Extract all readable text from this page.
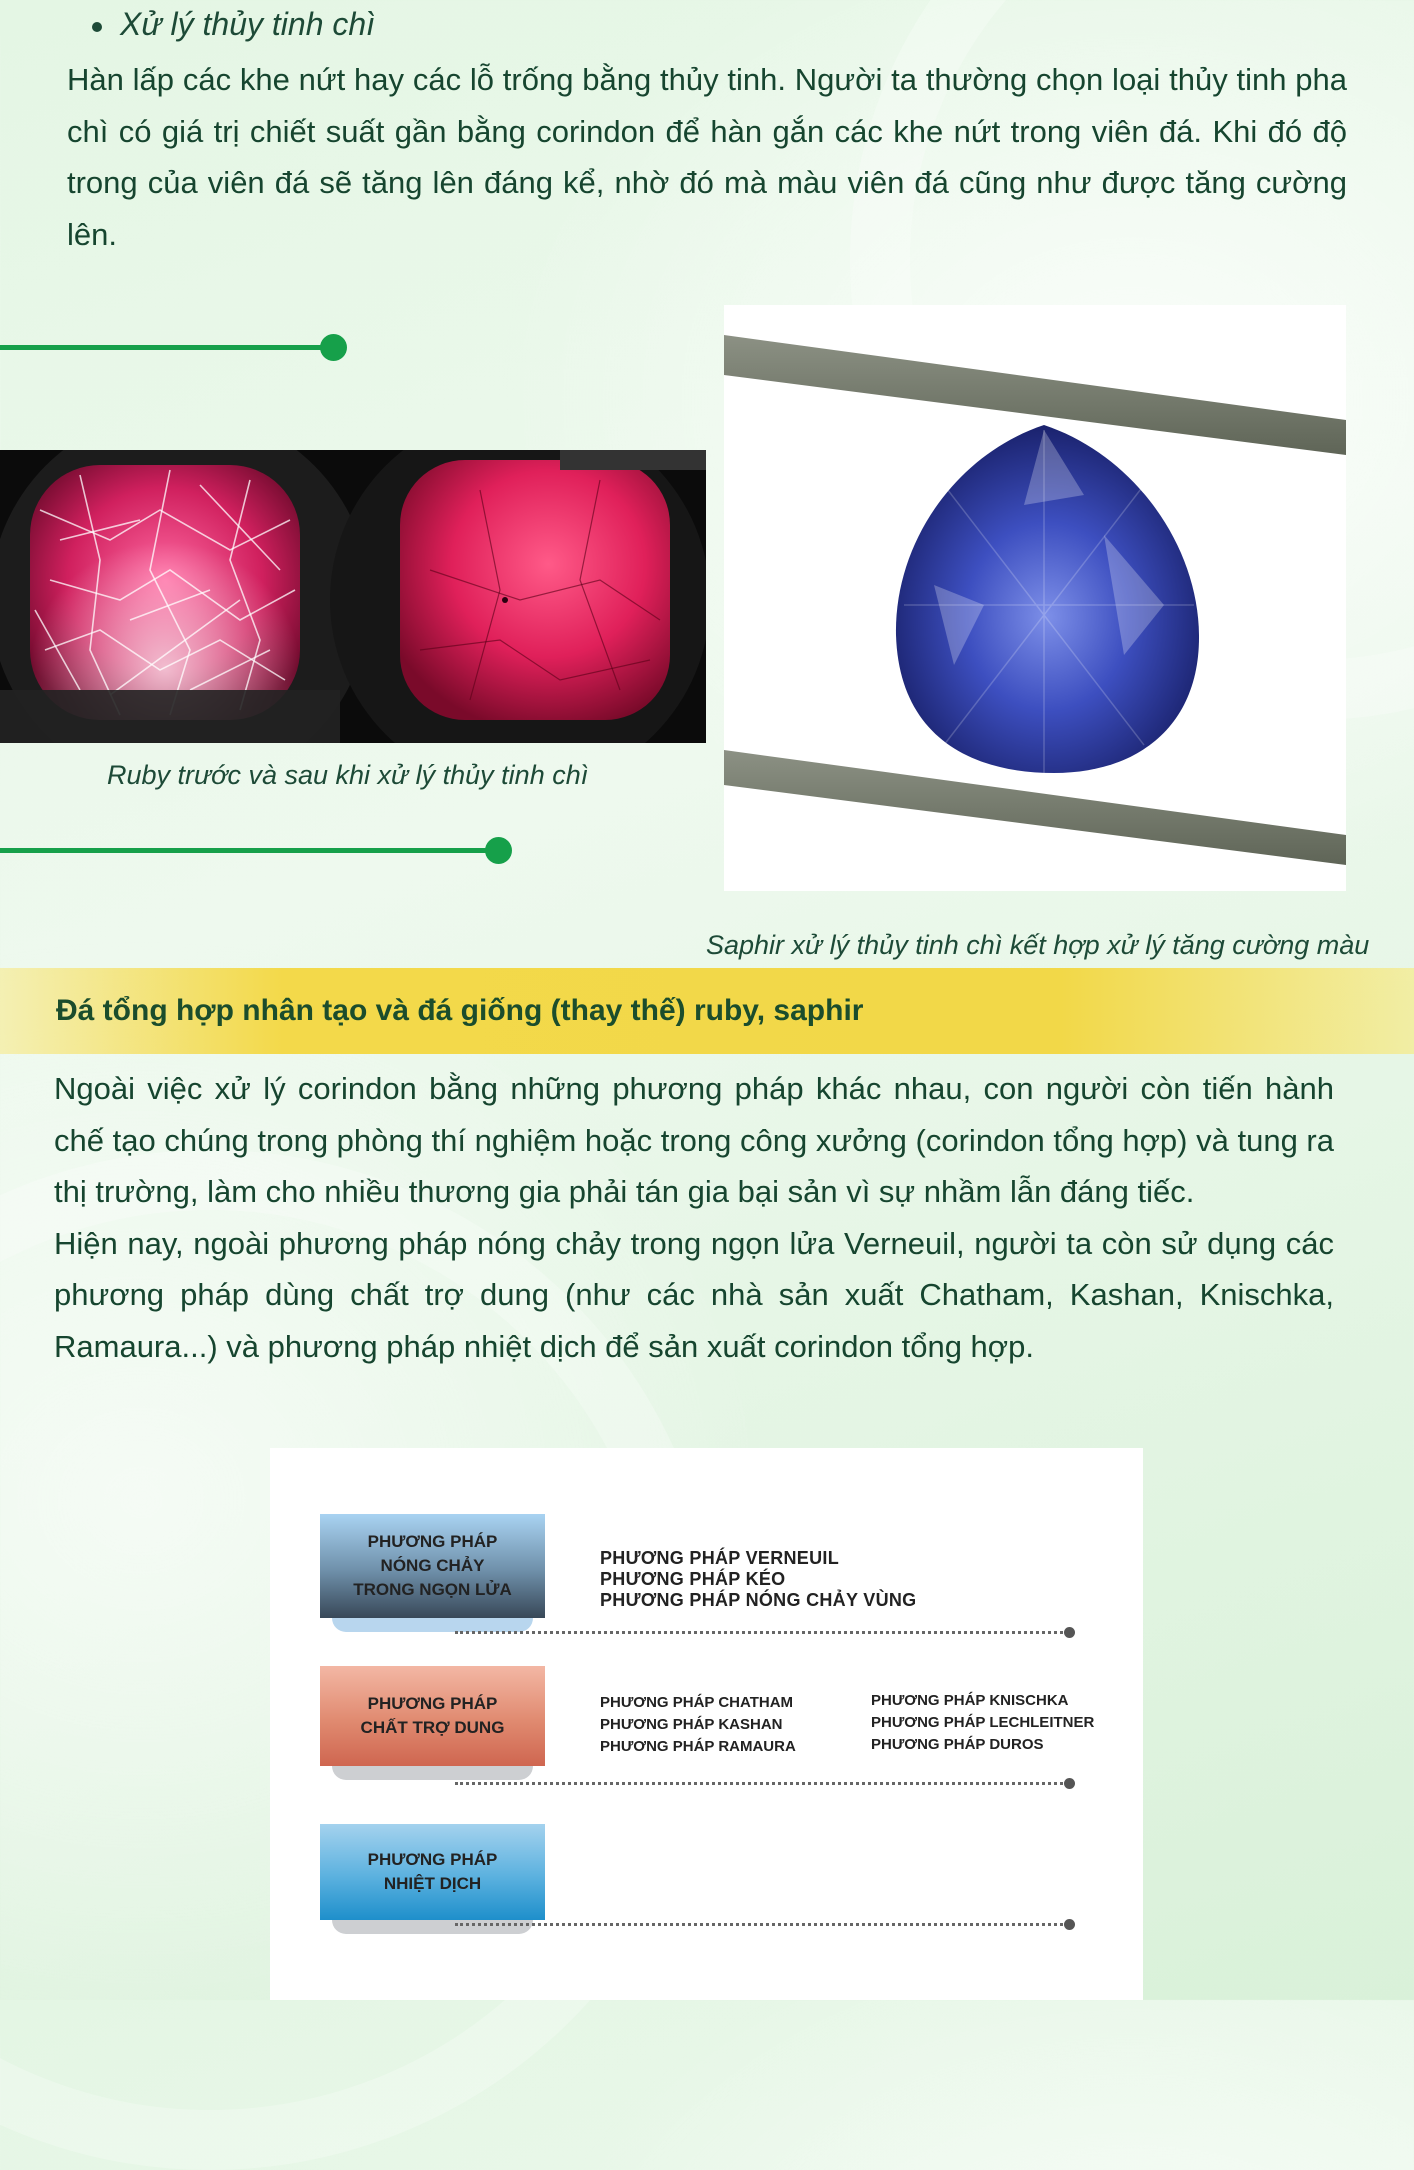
Xử lý thủy tinh chì
Hàn lấp các khe nứt hay các lỗ trống bằng thủy tinh. Người ta thường chọn loại thủy tinh pha chì có giá trị chiết suất gần bằng corindon để hàn gắn các khe nứt trong viên đá. Khi đó độ trong của viên đá sẽ tăng lên đáng kể, nhờ đó mà màu viên đá cũng như được tăng cường lên.
Ruby trước và sau khi xử lý thủy tinh chì
Saphir xử lý thủy tinh chì kết hợp xử lý tăng cường màu
Đá tổng hợp nhân tạo và đá giống (thay thế) ruby, saphir
Ngoài việc xử lý corindon bằng những phương pháp khác nhau, con người còn tiến hành chế tạo chúng trong phòng thí nghiệm hoặc trong công xưởng (corindon tổng hợp) và tung ra thị trường, làm cho nhiều thương gia phải tán gia bại sản vì sự nhầm lẫn đáng tiếc.
Hiện nay, ngoài phương pháp nóng chảy trong ngọn lửa Verneuil, người ta còn sử dụng các phương pháp dùng chất trợ dung (như các nhà sản xuất Chatham, Kashan, Knischka, Ramaura...) và phương pháp nhiệt dịch để sản xuất corindon tổng hợp.
PHƯƠNG PHÁP NÓNG CHẢY TRONG NGỌN LỬA
PHƯƠNG PHÁP VERNEUIL
PHƯƠNG PHÁP KÉO
PHƯƠNG PHÁP NÓNG CHẢY VÙNG
PHƯƠNG PHÁP CHẤT TRỢ DUNG
PHƯƠNG PHÁP CHATHAM
PHƯƠNG PHÁP KASHAN
PHƯƠNG PHÁP RAMAURA
PHƯƠNG PHÁP KNISCHKA
PHƯƠNG PHÁP LECHLEITNER
PHƯƠNG PHÁP DUROS
PHƯƠNG PHÁP NHIỆT DỊCH
